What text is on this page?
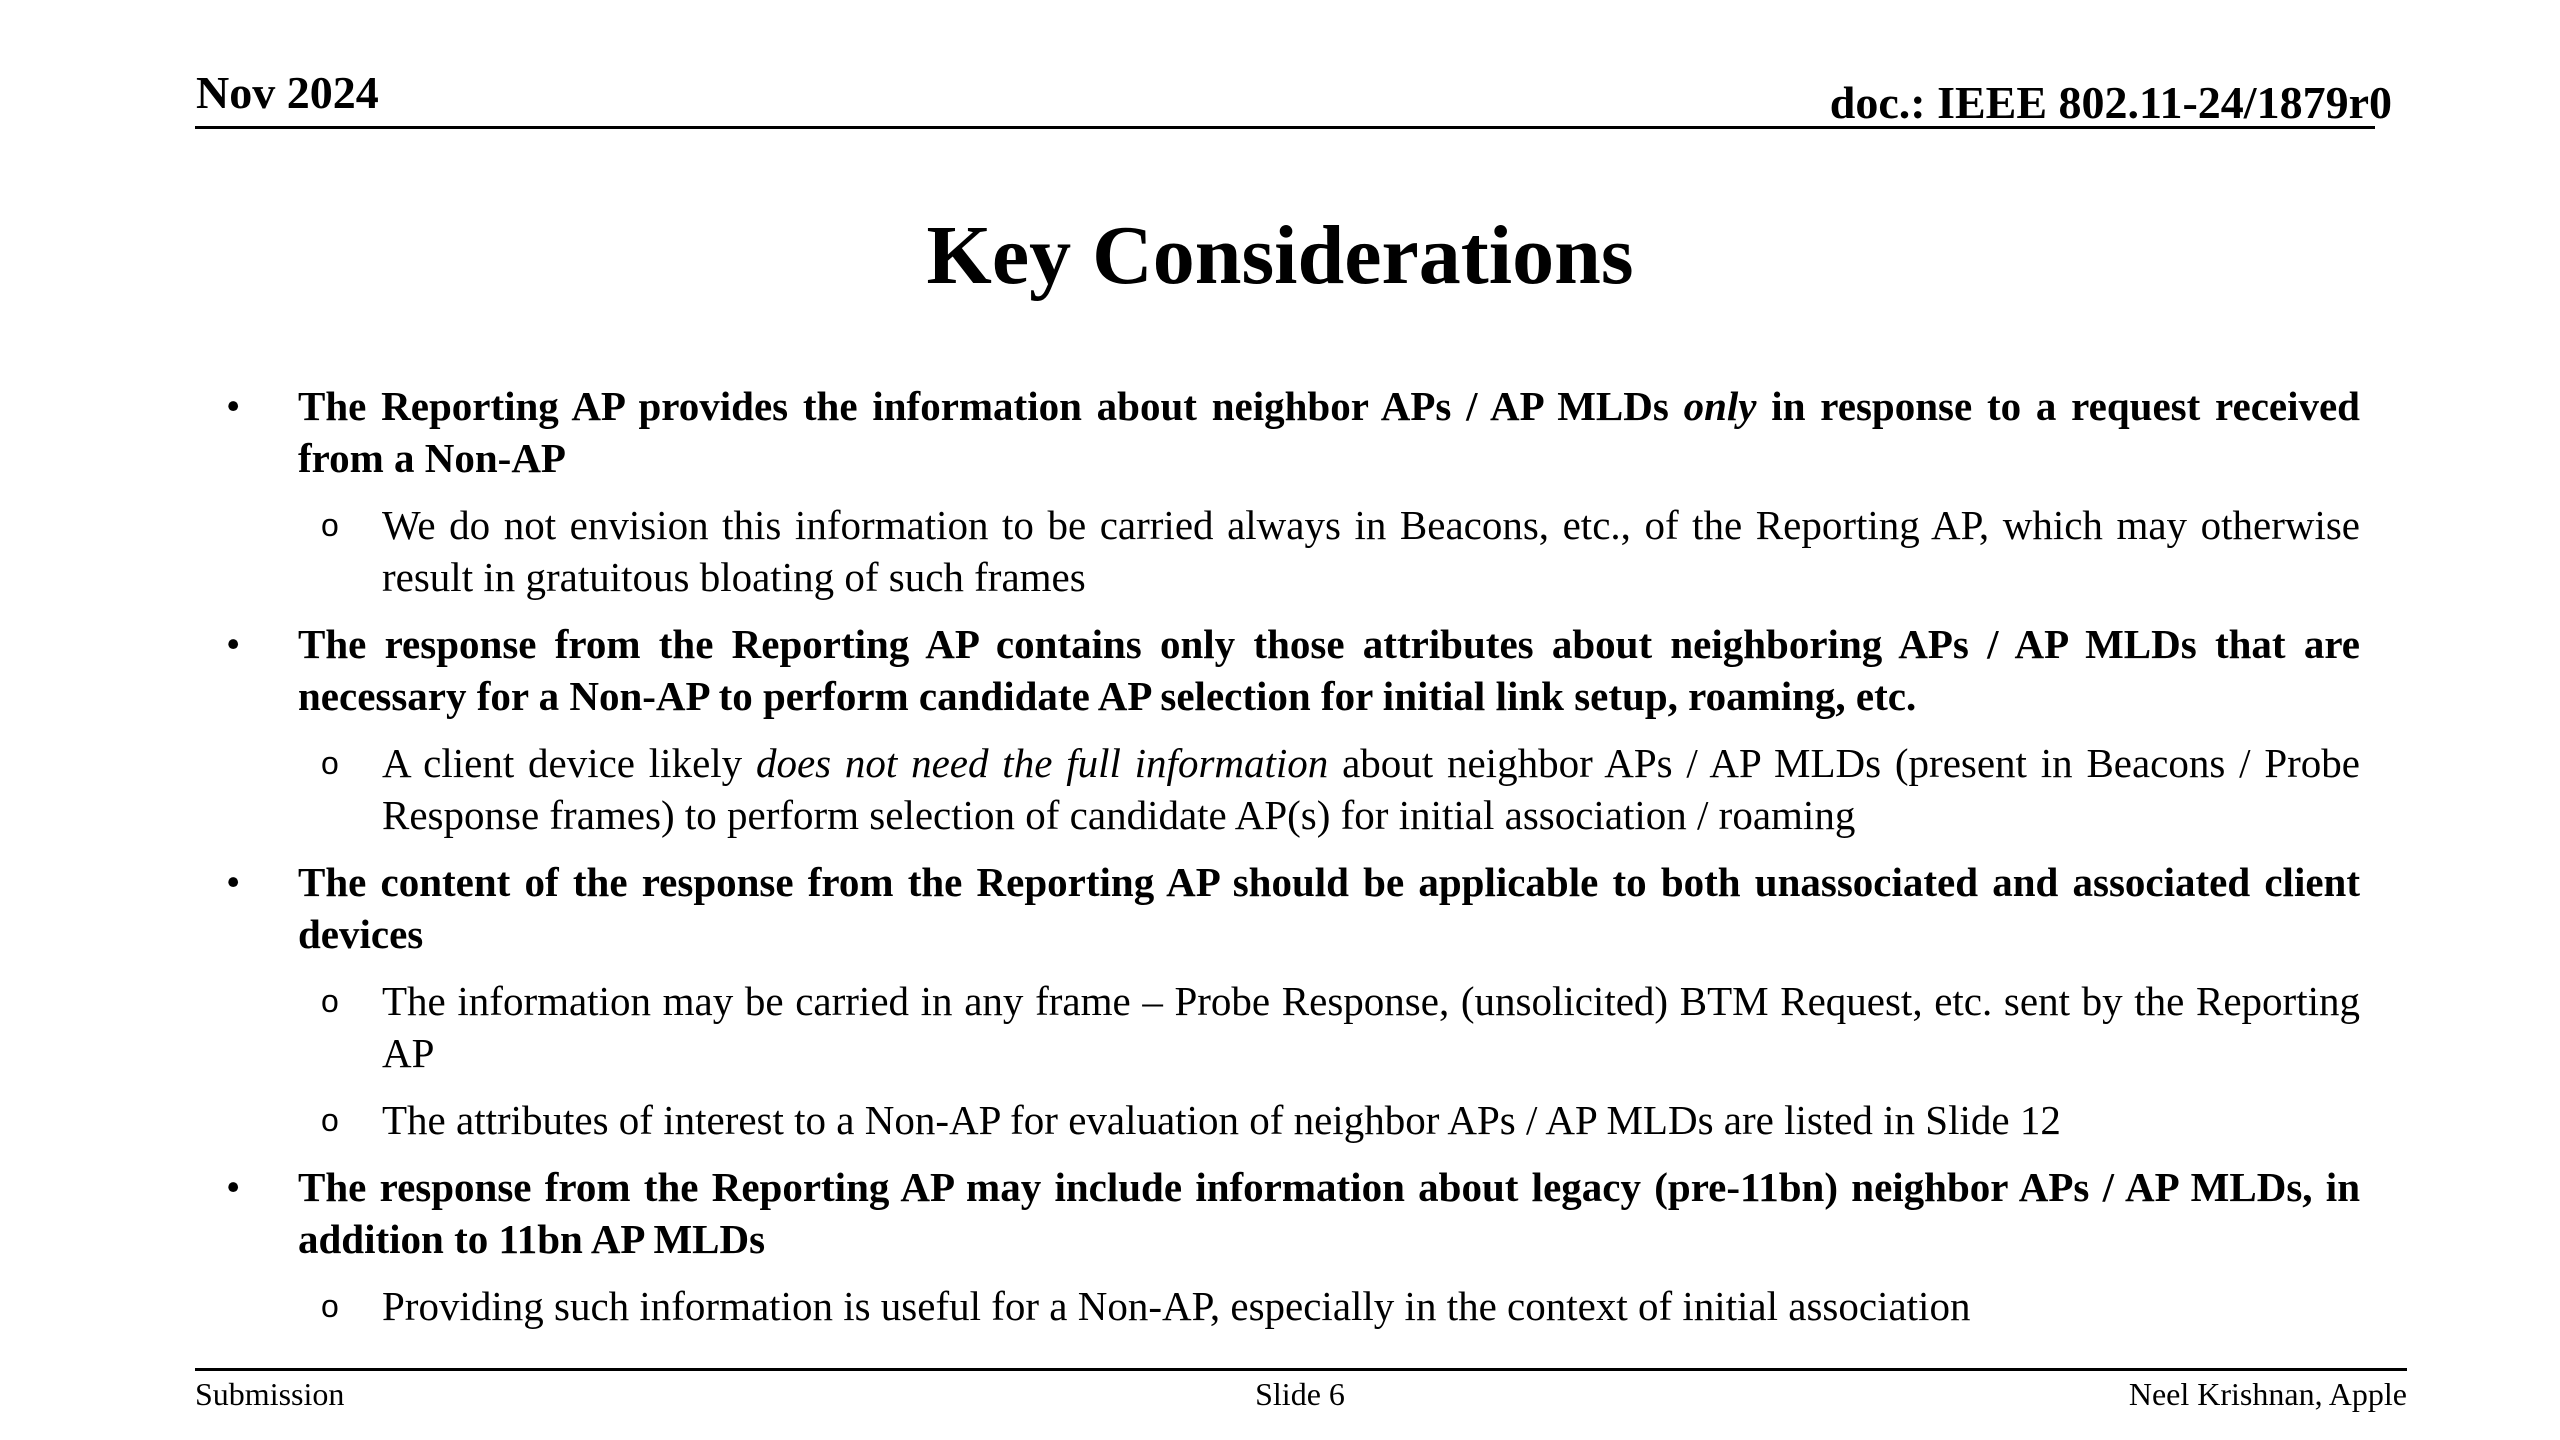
Nov 2024	doc.: IEEE 802.11-24/1879r0
Key Considerations
• The Reporting AP provides the information about neighbor APs / AP MLDs only in response to a request received from a Non-AP
o We do not envision this information to be carried always in Beacons, etc., of the Reporting AP, which may otherwise result in gratuitous bloating of such frames
• The response from the Reporting AP contains only those attributes about neighboring APs / AP MLDs that are necessary for a Non-AP to perform candidate AP selection for initial link setup, roaming, etc.
o A client device likely does not need the full information about neighbor APs / AP MLDs (present in Beacons / Probe Response frames) to perform selection of candidate AP(s) for initial association / roaming
• The content of the response from the Reporting AP should be applicable to both unassociated and associated client devices
o The information may be carried in any frame – Probe Response, (unsolicited) BTM Request, etc. sent by the Reporting AP
o The attributes of interest to a Non-AP for evaluation of neighbor APs / AP MLDs are listed in Slide 12
• The response from the Reporting AP may include information about legacy (pre-11bn) neighbor APs / AP MLDs, in addition to 11bn AP MLDs
o Providing such information is useful for a Non-AP, especially in the context of initial association
Submission	Slide 6	Neel Krishnan, Apple
